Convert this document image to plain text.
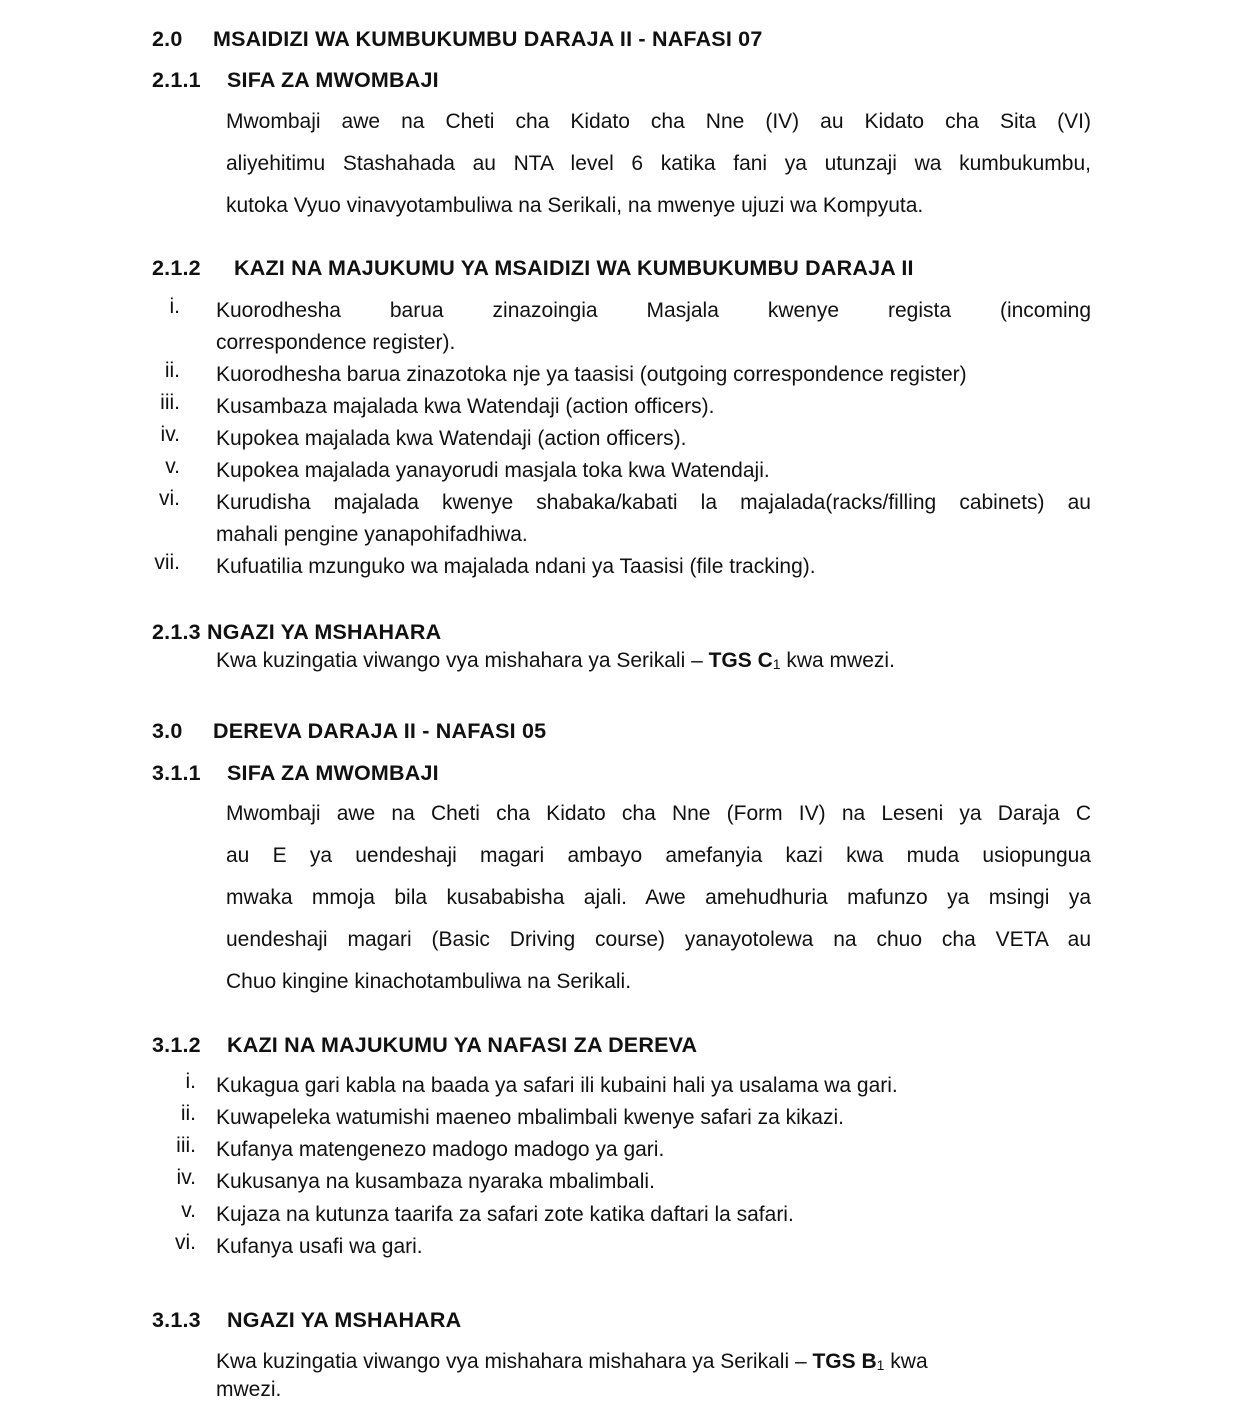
2.0 MSAIDIZI WA KUMBUKUMBU DARAJA II - NAFASI 07
2.1.1 SIFA ZA MWOMBAJI
Mwombaji awe na Cheti cha Kidato cha Nne (IV) au Kidato cha Sita (VI)
aliyehitimu Stashahada au NTA level 6 katika fani ya utunzaji wa kumbukumbu,
kutoka Vyuo vinavyotambuliwa na Serikali, na mwenye ujuzi wa Kompyuta.
2.1.2 KAZI NA MAJUKUMU YA MSAIDIZI WA KUMBUKUMBU DARAJA II
i. Kuorodhesha barua zinazoingia Masjala kwenye regista (incoming
correspondence register).
ii. Kuorodhesha barua zinazotoka nje ya taasisi (outgoing correspondence register)
iii. Kusambaza majalada kwa Watendaji (action officers).
iv. Kupokea majalada kwa Watendaji (action officers).
v. Kupokea majalada yanayorudi masjala toka kwa Watendaji.
vi. Kurudisha majalada kwenye shabaka/kabati la majalada(racks/filling cabinets) au
mahali pengine yanapohifadhiwa.
vii. Kufuatilia mzunguko wa majalada ndani ya Taasisi (file tracking).
2.1.3 NGAZI YA MSHAHARA
Kwa kuzingatia viwango vya mishahara ya Serikali – TGS $C_1$ kwa mwezi.
3.0 DEREVA DARAJA II - NAFASI 05
3.1.1 SIFA ZA MWOMBAJI
Mwombaji awe na Cheti cha Kidato cha Nne (Form IV) na Leseni ya Daraja C
au E ya uendeshaji magari ambayo amefanyia kazi kwa muda usiopungua
mwaka mmoja bila kusababisha ajali. Awe amehudhuria mafunzo ya msingi ya
uendeshaji magari (Basic Driving course) yanayotolewa na chuo cha VETA au
Chuo kingine kinachotambuliwa na Serikali.
3.1.2 KAZI NA MAJUKUMU YA NAFASI ZA DEREVA
i. Kukagua gari kabla na baada ya safari ili kubaini hali ya usalama wa gari.
ii. Kuwapeleka watumishi maeneo mbalimbali kwenye safari za kikazi.
iii. Kufanya matengenezo madogo madogo ya gari.
iv. Kukusanya na kusambaza nyaraka mbalimbali.
v. Kujaza na kutunza taarifa za safari zote katika daftari la safari.
vi. Kufanya usafi wa gari.
3.1.3 NGAZI YA MSHAHARA
Kwa kuzingatia viwango vya mishahara mishahara ya Serikali – TGS $B_1$ kwa
mwezi.
